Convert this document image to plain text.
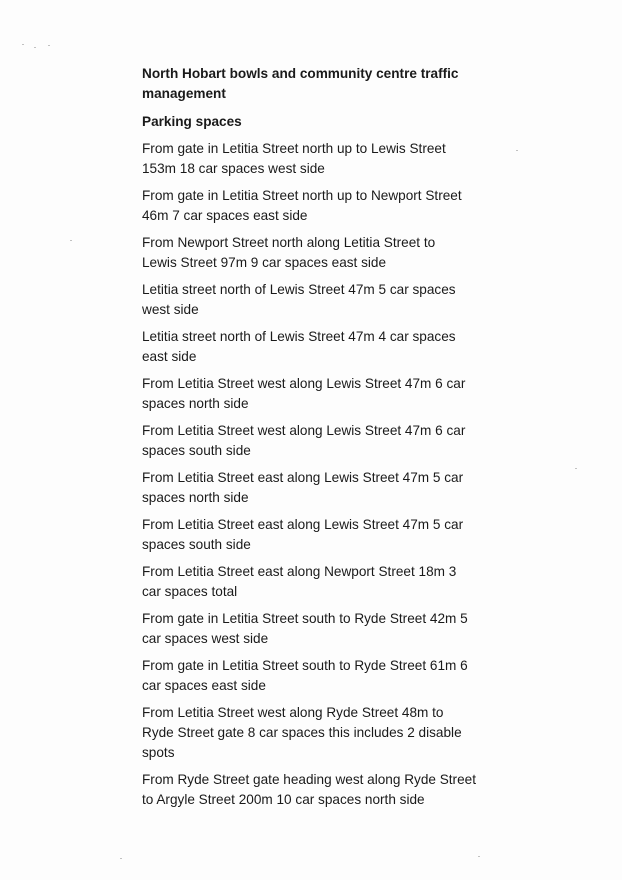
North Hobart bowls and community centre traffic
management
Parking spaces
From gate in Letitia Street north up to Lewis Street
153m 18 car spaces west side
From gate in Letitia Street north up to Newport Street
46m 7 car spaces east side
From Newport Street north along Letitia Street to
Lewis Street 97m 9 car spaces east side
Letitia street north of Lewis Street 47m 5 car spaces
west side
Letitia street north of Lewis Street 47m 4 car spaces
east side
From Letitia Street west along Lewis Street 47m 6 car
spaces north side
From Letitia Street west along Lewis Street 47m 6 car
spaces south side
From Letitia Street east along Lewis Street 47m 5 car
spaces north side
From Letitia Street east along Lewis Street 47m 5 car
spaces south side
From Letitia Street east along Newport Street 18m 3
car spaces total
From gate in Letitia Street south to Ryde Street 42m 5
car spaces west side
From gate in Letitia Street south to Ryde Street 61m 6
car spaces east side
From Letitia Street west along Ryde Street 48m to
Ryde Street gate 8 car spaces this includes 2 disable
spots
From Ryde Street gate heading west along Ryde Street
to Argyle Street 200m 10 car spaces north side
